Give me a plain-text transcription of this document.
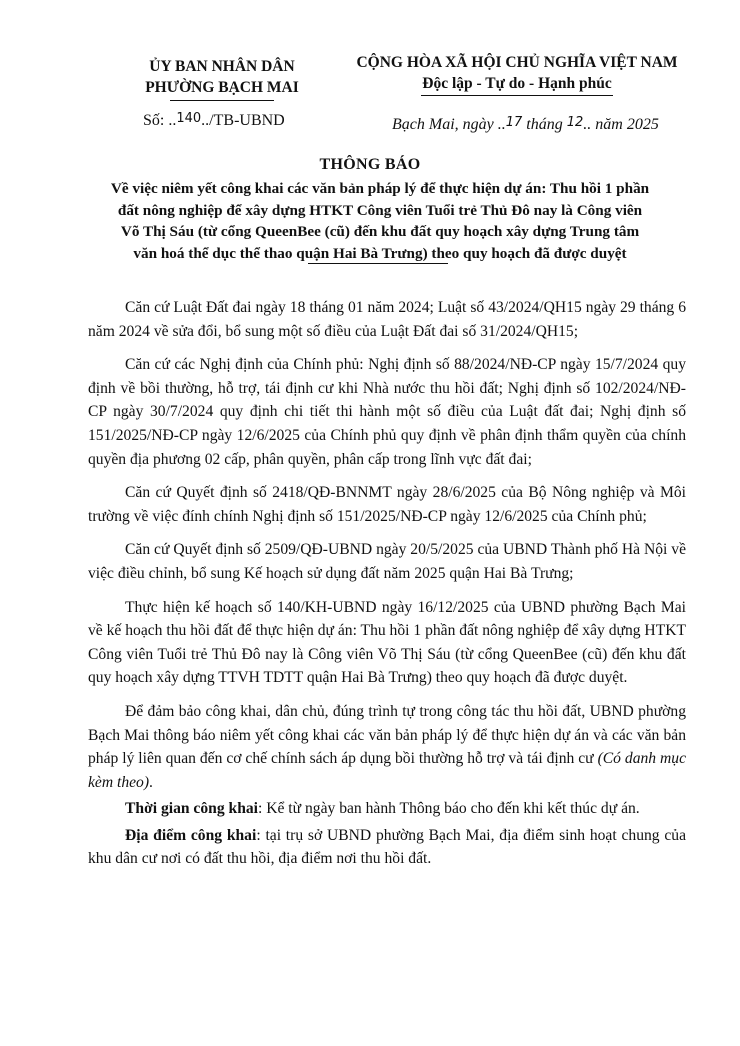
ỦY BAN NHÂN DÂN
PHƯỜNG BẠCH MAI
CỘNG HÒA XÃ HỘI CHỦ NGHĨA VIỆT NAM
Độc lập - Tự do - Hạnh phúc
Số: ..140../TB-UBND	Bạch Mai, ngày ..17 tháng 12.. năm 2025
THÔNG BÁO

Về việc niêm yết công khai các văn bản pháp lý để thực hiện dự án: Thu hồi 1 phần

đất nông nghiệp để xây dựng HTKT Công viên Tuổi trẻ Thủ Đô nay là Công viên

Võ Thị Sáu (từ cổng QueenBee (cũ) đến khu đất quy hoạch xây dựng Trung tâm

văn hoá thể dục thể thao quận Hai Bà Trưng) theo quy hoạch đã được duyệt

Căn cứ Luật Đất đai ngày 18 tháng 01 năm 2024; Luật số 43/2024/QH15 ngày 29 tháng 6 năm 2024 về sửa đổi, bổ sung một số điều của Luật Đất đai số 31/2024/QH15;

Căn cứ các Nghị định của Chính phủ: Nghị định số 88/2024/NĐ-CP ngày 15/7/2024 quy định về bồi thường, hỗ trợ, tái định cư khi Nhà nước thu hồi đất; Nghị định số 102/2024/NĐ-CP ngày 30/7/2024 quy định chi tiết thi hành một số điều của Luật đất đai; Nghị định số 151/2025/NĐ-CP ngày 12/6/2025 của Chính phủ quy định về phân định thẩm quyền của chính quyền địa phương 02 cấp, phân quyền, phân cấp trong lĩnh vực đất đai;

Căn cứ Quyết định số 2418/QĐ-BNNMT ngày 28/6/2025 của Bộ Nông nghiệp và Môi trường về việc đính chính Nghị định số 151/2025/NĐ-CP ngày 12/6/2025 của Chính phủ;

Căn cứ Quyết định số 2509/QĐ-UBND ngày 20/5/2025 của UBND Thành phố Hà Nội về việc điều chỉnh, bổ sung Kế hoạch sử dụng đất năm 2025 quận Hai Bà Trưng;

Thực hiện kế hoạch số 140/KH-UBND ngày 16/12/2025 của UBND phường Bạch Mai về kế hoạch thu hồi đất để thực hiện dự án: Thu hồi 1 phần đất nông nghiệp để xây dựng HTKT Công viên Tuổi trẻ Thủ Đô nay là Công viên Võ Thị Sáu (từ cổng QueenBee (cũ) đến khu đất quy hoạch xây dựng TTVH TDTT quận Hai Bà Trưng) theo quy hoạch đã được duyệt.

Để đảm bảo công khai, dân chủ, đúng trình tự trong công tác thu hồi đất, UBND phường Bạch Mai thông báo niêm yết công khai các văn bản pháp lý để thực hiện dự án và các văn bản pháp lý liên quan đến cơ chế chính sách áp dụng bồi thường hỗ trợ và tái định cư (Có danh mục kèm theo).

Thời gian công khai: Kể từ ngày ban hành Thông báo cho đến khi kết thúc dự án.

Địa điểm công khai: tại trụ sở UBND phường Bạch Mai, địa điểm sinh hoạt chung của khu dân cư nơi có đất thu hồi, địa điểm nơi thu hồi đất.
